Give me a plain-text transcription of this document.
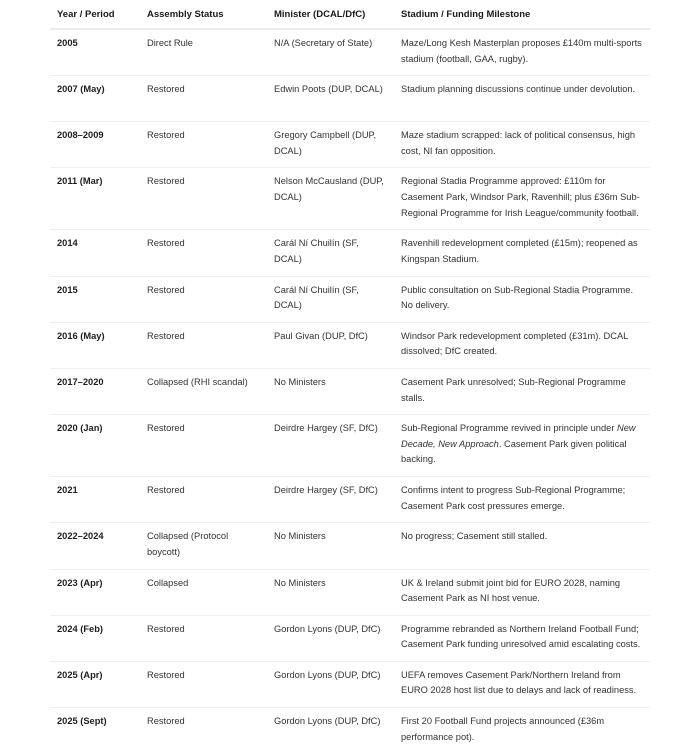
Year / Period	Assembly Status	Minister (DCAL/DfC)	Stadium / Funding Milestone
2005	Direct Rule	N/A (Secretary of State)	Maze/Long Kesh Masterplan proposes £140m multi-sports stadium (football, GAA, rugby).
2007 (May)	Restored	Edwin Poots (DUP, DCAL)	Stadium planning discussions continue under devolution.
2008–2009	Restored	Gregory Campbell (DUP, DCAL)	Maze stadium scrapped: lack of political consensus, high cost, NI fan opposition.
2011 (Mar)	Restored	Nelson McCausland (DUP, DCAL)	Regional Stadia Programme approved: £110m for Casement Park, Windsor Park, Ravenhill; plus £36m Sub-Regional Programme for Irish League/community football.
2014	Restored	Carál Ní Chuilín (SF, DCAL)	Ravenhill redevelopment completed (£15m); reopened as Kingspan Stadium.
2015	Restored	Carál Ní Chuilín (SF, DCAL)	Public consultation on Sub-Regional Stadia Programme. No delivery.
2016 (May)	Restored	Paul Givan (DUP, DfC)	Windsor Park redevelopment completed (£31m). DCAL dissolved; DfC created.
2017–2020	Collapsed (RHI scandal)	No Ministers	Casement Park unresolved; Sub-Regional Programme stalls.
2020 (Jan)	Restored	Deirdre Hargey (SF, DfC)	Sub-Regional Programme revived in principle under New Decade, New Approach. Casement Park given political backing.
2021	Restored	Deirdre Hargey (SF, DfC)	Confirms intent to progress Sub-Regional Programme; Casement Park cost pressures emerge.
2022–2024	Collapsed (Protocol boycott)	No Ministers	No progress; Casement still stalled.
2023 (Apr)	Collapsed	No Ministers	UK & Ireland submit joint bid for EURO 2028, naming Casement Park as NI host venue.
2024 (Feb)	Restored	Gordon Lyons (DUP, DfC)	Programme rebranded as Northern Ireland Football Fund; Casement Park funding unresolved amid escalating costs.
2025 (Apr)	Restored	Gordon Lyons (DUP, DfC)	UEFA removes Casement Park/Northern Ireland from EURO 2028 host list due to delays and lack of readiness.
2025 (Sept)	Restored	Gordon Lyons (DUP, DfC)	First 20 Football Fund projects announced (£36m performance pot).
